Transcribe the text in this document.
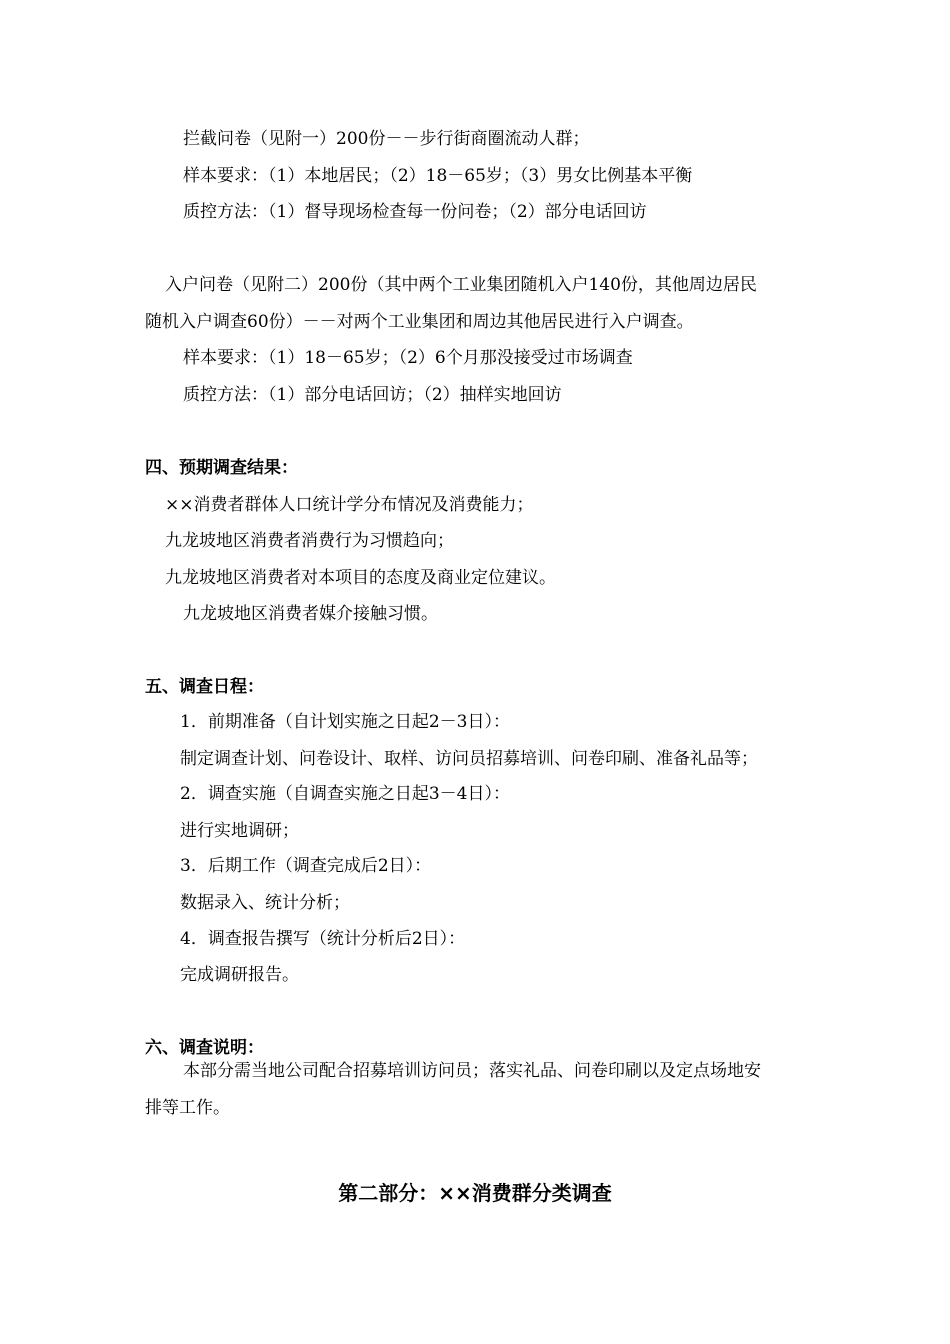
拦截问卷（见附一）200份－－步行街商圈流动人群；
样本要求：（1）本地居民；（2）18－65岁；（3）男女比例基本平衡
质控方法：（1）督导现场检查每一份问卷；（2）部分电话回访
入户问卷（见附二）200份（其中两个工业集团随机入户140份，其他周边居民
随机入户调查60份）－－对两个工业集团和周边其他居民进行入户调查。
样本要求：（1）18－65岁；（2）6个月那没接受过市场调查
质控方法：（1）部分电话回访；（2）抽样实地回访
四、预期调查结果：
××消费者群体人口统计学分布情况及消费能力；
九龙坡地区消费者消费行为习惯趋向；
九龙坡地区消费者对本项目的态度及商业定位建议。
九龙坡地区消费者媒介接触习惯。
五、调查日程：
1．前期准备（自计划实施之日起2－3日）：
制定调查计划、问卷设计、取样、访问员招募培训、问卷印刷、准备礼品等；
2．调查实施（自调查实施之日起3－4日）：
进行实地调研；
3．后期工作（调查完成后2日）：
数据录入、统计分析；
4．调查报告撰写（统计分析后2日）：
完成调研报告。
六、调查说明：
本部分需当地公司配合招募培训访问员；落实礼品、问卷印刷以及定点场地安
排等工作。
第二部分：××消费群分类调查
